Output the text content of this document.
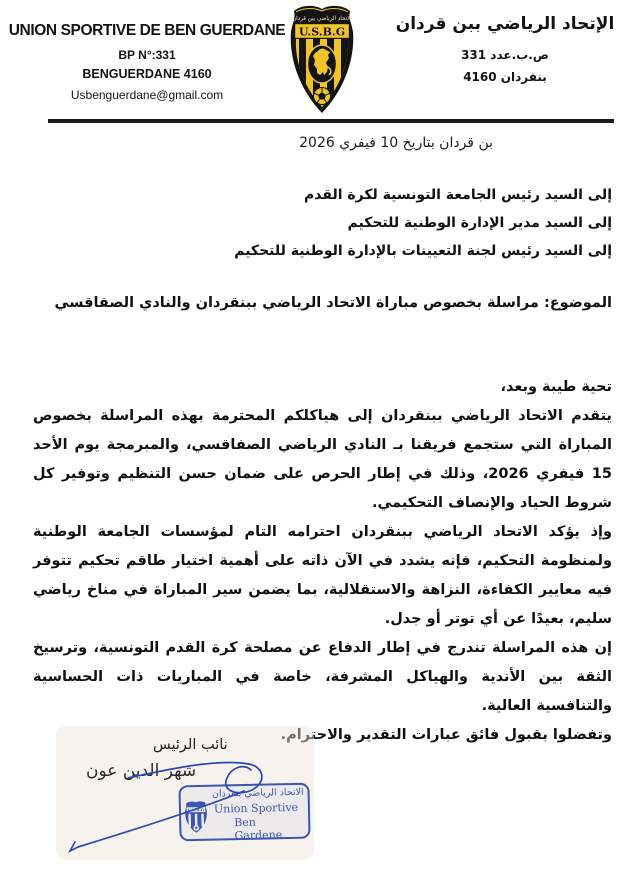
UNION SPORTIVE DE BEN GUERDANE
BP N°:331
BENGUERDANE 4160
Usbenguerdane@gmail.com
الاتحاد الرياضي بين قردان
U.S.B.G	الإتحاد الرياضي ببن قردان
ص.ب.عدد 331
بنقردان 4160
بن قردان بتاريخ 10 فيفري 2026
إلى السيد رئيس الجامعة التونسية لكرة القدم
إلى السيد مدير الإدارة الوطنية للتحكيم
إلى السيد رئيس لجنة التعيينات بالإدارة الوطنية للتحكيم
الموضوع: مراسلة بخصوص مباراة الاتحاد الرياضي ببنقردان والنادي الصفاقسي
تحية طيبة وبعد،
يتقدم الاتحاد الرياضي ببنقردان إلى هياكلكم المحترمة بهذه المراسلة بخصوص المباراة التي ستجمع فريقنا بـ النادي الرياضي الصفاقسي، والمبرمجة يوم الأحد 15 فيفري 2026، وذلك في إطار الحرص على ضمان حسن التنظيم وتوفير كل شروط الحياد والإنصاف التحكيمي.
وإذ يؤكد الاتحاد الرياضي ببنقردان احترامه التام لمؤسسات الجامعة الوطنية ولمنظومة التحكيم، فإنه يشدد في الآن ذاته على أهمية اختيار طاقم تحكيم تتوفر فيه معايير الكفاءة، النزاهة والاستقلالية، بما يضمن سير المباراة في مناخ رياضي سليم، بعيدًا عن أي توتر أو جدل.
إن هذه المراسلة تندرج في إطار الدفاع عن مصلحة كرة القدم التونسية، وترسيخ الثقة بين الأندية والهياكل المشرفة، خاصة في المباريات ذات الحساسية والتنافسية العالية.
وتفضلوا بقبول فائق عبارات التقدير والاحترام.
نائب الرئيس
شهر الدين عون
الاتحاد الرياضي بنقردان
U.S.B.G Union Sportive
Ben Gardene
